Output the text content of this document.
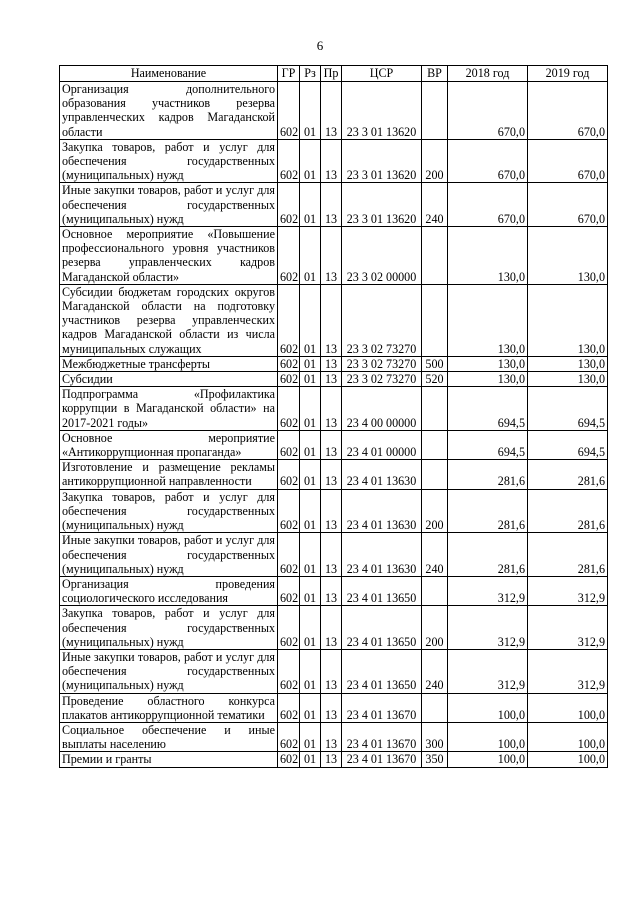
6
Наименование	ГР	Рз	Пр	ЦСР	ВР	2018 год	2019 год
Организация дополнительного образования участников резерва управленческих кадров Магаданской области	602	01	13	23 3 01 13620		670,0	670,0
Закупка товаров, работ и услуг для обеспечения государственных (муниципальных) нужд	602	01	13	23 3 01 13620	200	670,0	670,0
Иные закупки товаров, работ и услуг для обеспечения государственных (муниципальных) нужд	602	01	13	23 3 01 13620	240	670,0	670,0
Основное мероприятие «Повышение профессионального уровня участников резерва управленческих кадров Магаданской области»	602	01	13	23 3 02 00000		130,0	130,0
Субсидии бюджетам городских округов Магаданской области на подготовку участников резерва управленческих кадров Магаданской области из числа муниципальных служащих	602	01	13	23 3 02 73270		130,0	130,0
Межбюджетные трансферты	602	01	13	23 3 02 73270	500	130,0	130,0
Субсидии	602	01	13	23 3 02 73270	520	130,0	130,0
Подпрограмма «Профилактика коррупции в Магаданской области» на 2017-2021 годы»	602	01	13	23 4 00 00000		694,5	694,5
Основное мероприятие «Антикоррупционная пропаганда»	602	01	13	23 4 01 00000		694,5	694,5
Изготовление и размещение рекламы антикоррупционной направленности	602	01	13	23 4 01 13630		281,6	281,6
Закупка товаров, работ и услуг для обеспечения государственных (муниципальных) нужд	602	01	13	23 4 01 13630	200	281,6	281,6
Иные закупки товаров, работ и услуг для обеспечения государственных (муниципальных) нужд	602	01	13	23 4 01 13630	240	281,6	281,6
Организация проведения социологического исследования	602	01	13	23 4 01 13650		312,9	312,9
Закупка товаров, работ и услуг для обеспечения государственных (муниципальных) нужд	602	01	13	23 4 01 13650	200	312,9	312,9
Иные закупки товаров, работ и услуг для обеспечения государственных (муниципальных) нужд	602	01	13	23 4 01 13650	240	312,9	312,9
Проведение областного конкурса плакатов антикоррупционной тематики	602	01	13	23 4 01 13670		100,0	100,0
Социальное обеспечение и иные выплаты населению	602	01	13	23 4 01 13670	300	100,0	100,0
Премии и гранты	602	01	13	23 4 01 13670	350	100,0	100,0
